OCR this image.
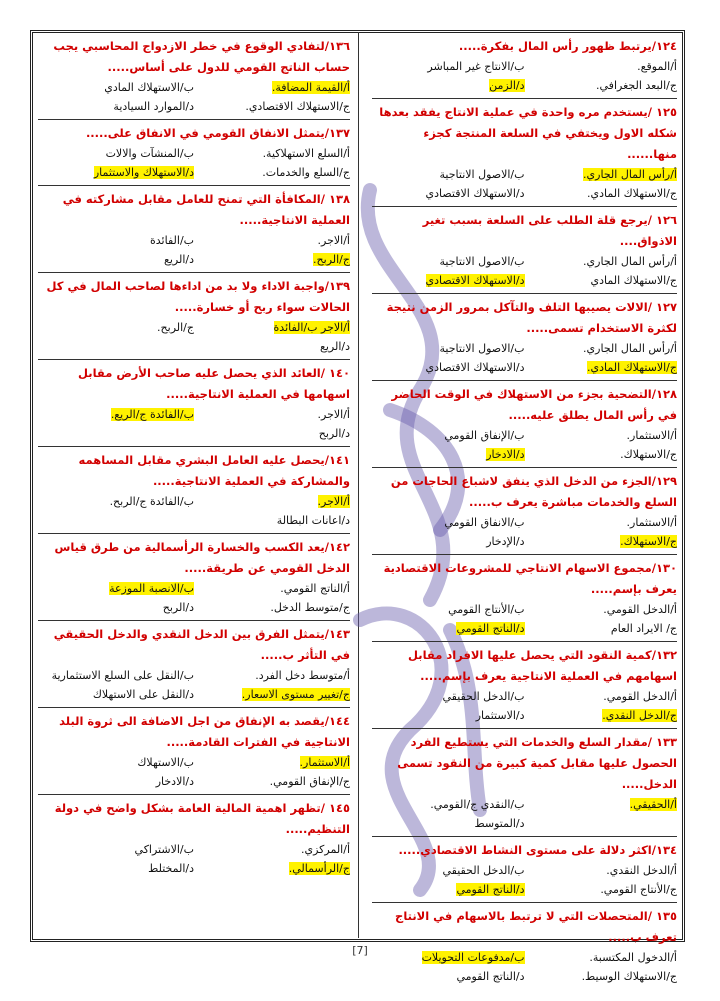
١٢٤/يرتبط ظهور رأس المال بفكرة.....
أ/الموقع.
ب/الانتاج غير المباشر
ج/البعد الجغرافي.
د/الزمن
١٢٥ /يستخدم مره واحدة في عملية الانتاج يفقد بعدها شكله الاول ويختفي في السلعة المنتجة كجزء منها......
أ/رأس المال الجاري.
ب/الاصول الانتاجية
ج/الاستهلاك المادي.
د/الاستهلاك الاقتصادي
١٢٦ /يرجع قلة الطلب على السلعة بسبب تغير الاذواق....
أ/رأس المال الجاري.
ب/الاصول الانتاجية
ج/الاستهلاك المادي
د/الاستهلاك الاقتصادي
١٢٧ /الالات يصيبها التلف والتآكل بمرور الزمن نتيجة لكثرة الاستخدام تسمى.....
أ/رأس المال الجاري.
ب/الاصول الانتاجية
ج/الاستهلاك المادي.
د/الاستهلاك الاقتصادي
١٢٨/التضحية بجزء من الاستهلاك في الوقت الحاضر في رأس المال يطلق عليه.....
أ/الاستثمار.
ب/الإنفاق القومي
ج/الاستهلاك.
د/الادخار
١٢٩/الجزء من الدخل الذي ينفق لاشباع الحاجات من السلع والخدمات مباشرة يعرف ب.....
أ/الاستثمار.
ب/الانفاق القومي
ج/الاستهلاك.
د/الإدخار
١٣٠/مجموع الاسهام الانتاجي للمشروعات الاقتصادية يعرف بإسم.....
أ/الدخل القومي.
ب/الأنتاج القومي
ج/ الايراد العام
د/الناتج القومي
١٣٢/كمية النقود التي يحصل عليها الافراد مقابل اسهامهم في العملية الانتاجية يعرف بإسم.....
أ/الدخل القومي.
ب/الدخل الحقيقي
ج/الدخل النقدي.
د/الاستثمار
١٣٣ /مقدار السلع والخدمات التي يستطيع الفرد الحصول عليها مقابل كمية كبيرة من النقود تسمى الدخل.....
أ/الحقيقي.
ب/النقدي ج/القومي.
د/المتوسط
١٣٤/اكثر دلالة على مستوى النشاط الاقتصادي.....
أ/الدخل النقدي.
ب/الدخل الحقيقي
ج/الأنتاج القومي.
د/الناتج القومي
١٣٥ /المتحصلات التي لا ترتبط بالاسهام في الانتاج تعرف ب.....
أ/الدخول المكتسبة.
ب/مدفوعات التحويلات
ج/الاستهلاك الوسيط.
د/الناتج القومي
١٣٦/لتفادي الوقوع في خطر الازدواج المحاسبي يجب حساب الناتج القومي للدول على أساس.....
أ/القيمة المضافة.
ب/الاستهلاك المادي
ج/الاستهلاك الاقتصادي.
د/الموارد السيادية
١٣٧/يتمثل الانفاق القومي في الانفاق على.....
أ/السلع الاستهلاكية.
ب/المنشآت والالات
ج/السلع والخدمات.
د/الاستهلاك والاستثمار
١٣٨ /المكافأة التي تمنح للعامل مقابل مشاركته في العملية الانتاجية.....
أ/الاجر.
ب/الفائدة
ج/الربح.
د/الريع
١٣٩/واجبة الاداء ولا بد من اداءها لصاحب المال في كل الحالات سواء ربح أو خسارة.....
أ/الاجر ب/الفائدة
ج/الربح.
د/الريع
١٤٠ /العائد الذي يحصل عليه صاحب الأرض مقابل اسهامها في العملية الانتاجية.....
أ/الاجر.
ب/الفائدة ج/الريع.
د/الربح
١٤١/يحصل عليه العامل البشري مقابل المساهمه والمشاركة في العملية الانتاجية.....
أ/الاجر.
ب/الفائدة ج/الربح.
د/اعانات البطالة
١٤٢/يعد الكسب والخسارة الرأسمالية من طرق قياس الدخل القومي عن طريقة.....
أ/الناتج القومي.
ب/الانصبة الموزعة
ج/متوسط الدخل.
د/الربح
١٤٣/يتمثل الفرق بين الدخل النقدي والدخل الحقيقي في التأثر ب.....
أ/متوسط دخل الفرد.
ب/النقل على السلع الاستثمارية
ج/تغيير مستوى الاسعار.
د/النقل على الاستهلاك
١٤٤/يقصد به الإنفاق من اجل الاضافة الى ثروة البلد الانتاجية في الفترات القادمة.....
أ/الاستثمار.
ب/الاستهلاك
ج/الإنفاق القومي.
د/الادخار
١٤٥ /تظهر اهمية المالية العامة بشكل واضح في دولة التنظيم.....
أ/المركزي.
ب/الاشتراكي
ج/الرأسمالي.
د/المختلط
[7]
